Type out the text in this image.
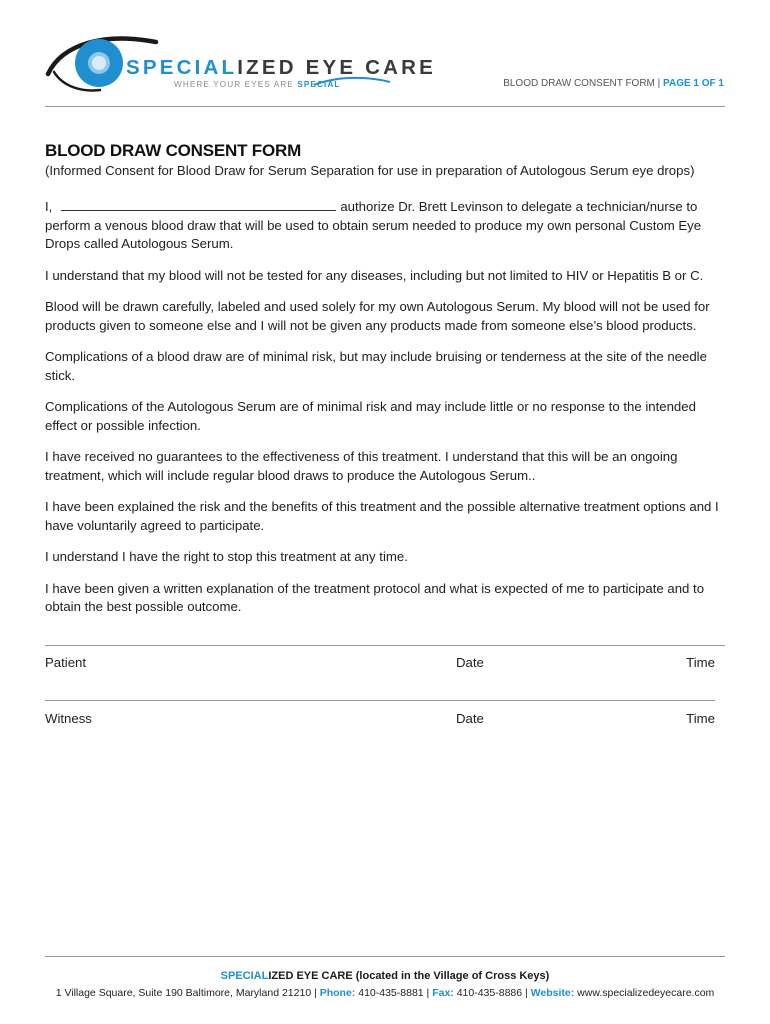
SPECIALIZED EYE CARE
WHERE YOUR EYES ARE SPECIAL	BLOOD DRAW CONSENT FORM | PAGE 1 OF 1
BLOOD DRAW CONSENT FORM
(Informed Consent for Blood Draw for Serum Separation for use in preparation of Autologous Serum eye drops)

I,	authorize Dr. Brett Levinson to delegate a technician/nurse to perform a venous blood draw that will be used to obtain serum needed to produce my own personal Custom Eye Drops called Autologous Serum.

I understand that my blood will not be tested for any diseases, including but not limited to HIV or Hepatitis B or C.

Blood will be drawn carefully, labeled and used solely for my own Autologous Serum. My blood will not be used for products given to someone else and I will not be given any products made from someone else’s blood products.

Complications of a blood draw are of minimal risk, but may include bruising or tenderness at the site of the needle stick.

Complications of the Autologous Serum are of minimal risk and may include little or no response to the intended effect or possible infection.

I have received no guarantees to the effectiveness of this treatment. I understand that this will be an ongoing treatment, which will include regular blood draws to produce the Autologous Serum..

I have been explained the risk and the benefits of this treatment and the possible alternative treatment options and I have voluntarily agreed to participate.

I understand I have the right to stop this treatment at any time.

I have been given a written explanation of the treatment protocol and what is expected of me to participate and to obtain the best possible outcome.

Patient	Date	Time
Witness	Date	Time
SPECIALIZED EYE CARE (located in the Village of Cross Keys)
1 Village Square, Suite 190 Baltimore, Maryland 21210 | Phone: 410-435-8881 | Fax: 410-435-8886 | Website: www.specializedeyecare.com
